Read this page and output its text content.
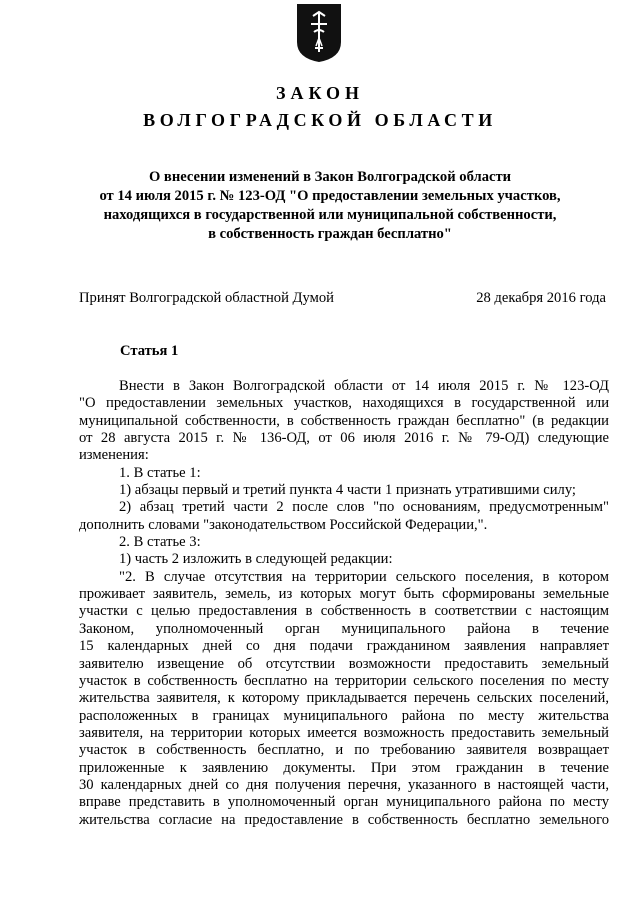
ЗАКОН
ВОЛГОГРАДСКОЙ ОБЛАСТИ
О внесении изменений в Закон Волгоградской области
от 14 июля 2015 г. № 123-ОД "О предоставлении земельных участков,
находящихся в государственной или муниципальной собственности,
в собственность граждан бесплатно"
Принят Волгоградской областной Думой	28 декабря 2016 года
Статья 1
Внести в Закон Волгоградской области от 14 июля 2015 г. № 123-ОД
"О предоставлении земельных участков, находящихся в государственной или
муниципальной собственности, в собственность граждан бесплатно" (в редакции
от 28 августа 2015 г. № 136-ОД, от 06 июля 2016 г. № 79-ОД) следующие
изменения:
1. В статье 1:
1) абзацы первый и третий пункта 4 части 1 признать утратившими силу;
2) абзац третий части 2 после слов "по основаниям, предусмотренным"
дополнить словами "законодательством Российской Федерации,".
2. В статье 3:
1) часть 2 изложить в следующей редакции:
"2. В случае отсутствия на территории сельского поселения, в котором
проживает заявитель, земель, из которых могут быть сформированы земельные
участки с целью предоставления в собственность в соответствии с настоящим
Законом, уполномоченный орган муниципального района в течение
15 календарных дней со дня подачи гражданином заявления направляет
заявителю извещение об отсутствии возможности предоставить земельный
участок в собственность бесплатно на территории сельского поселения по месту
жительства заявителя, к которому прикладывается перечень сельских поселений,
расположенных в границах муниципального района по месту жительства
заявителя, на территории которых имеется возможность предоставить земельный
участок в собственность бесплатно, и по требованию заявителя возвращает
приложенные к заявлению документы. При этом гражданин в течение
30 календарных дней со дня получения перечня, указанного в настоящей части,
вправе представить в уполномоченный орган муниципального района по месту
жительства согласие на предоставление в собственность бесплатно земельного
